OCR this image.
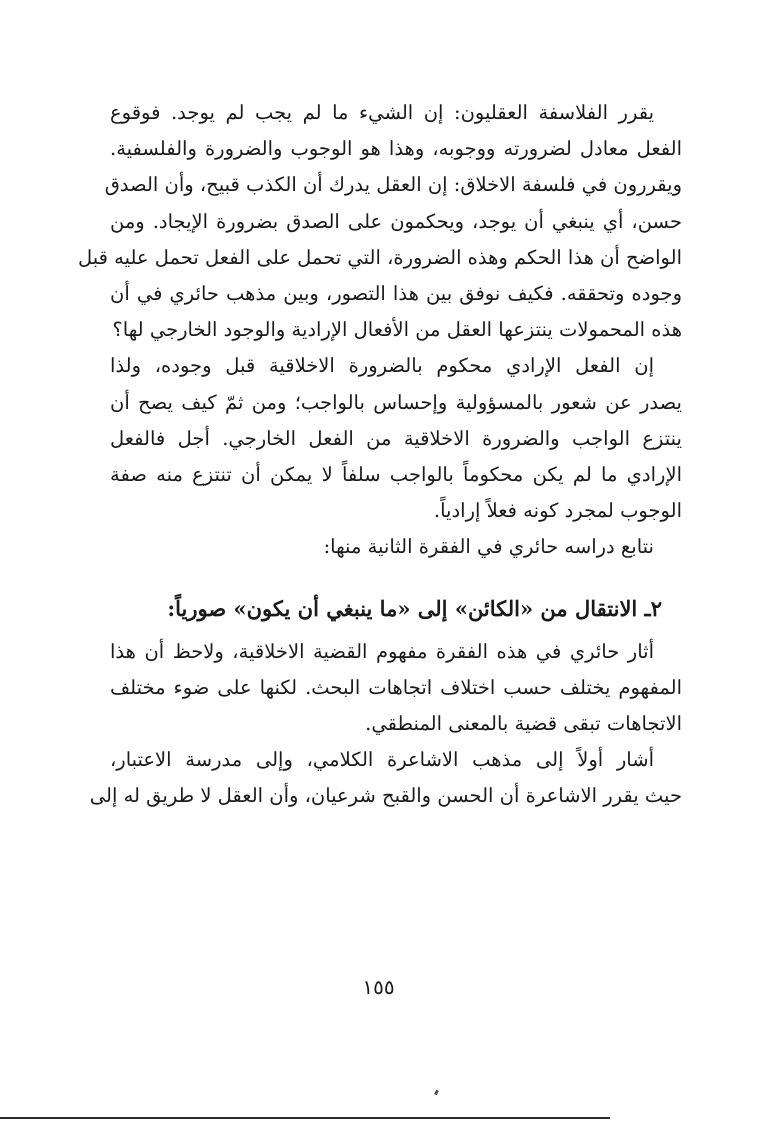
يقرر الفلاسفة العقليون: إن الشيء ما لم يجب لم يوجد. فوقوع
الفعل معادل لضرورته ووجوبه، وهذا هو الوجوب والضرورة والفلسفية.
ويقررون في فلسفة الاخلاق: إن العقل يدرك أن الكذب قبيح، وأن الصدق
حسن، أي ينبغي أن يوجد، ويحكمون على الصدق بضرورة الإيجاد. ومن
الواضح أن هذا الحكم وهذه الضرورة، التي تحمل على الفعل تحمل عليه قبل
وجوده وتحققه. فكيف نوفق بين هذا التصور، وبين مذهب حائري في أن
هذه المحمولات ينتزعها العقل من الأفعال الإرادية والوجود الخارجي لها؟
إن الفعل الإرادي محكوم بالضرورة الاخلاقية قبل وجوده، ولذا
يصدر عن شعور بالمسؤولية وإحساس بالواجب؛ ومن ثمّ كيف يصح أن
ينتزع الواجب والضرورة الاخلاقية من الفعل الخارجي. أجل فالفعل
الإرادي ما لم يكن محكوماً بالواجب سلفاً لا يمكن أن تنتزع منه صفة
الوجوب لمجرد كونه فعلاً إرادياً.
نتابع دراسه حائري في الفقرة الثانية منها:
٢ـ الانتقال من «الكائن» إلى «ما ينبغي أن يكون» صورياً:
أثار حائري في هذه الفقرة مفهوم القضية الاخلاقية، ولاحظ أن هذا
المفهوم يختلف حسب اختلاف اتجاهات البحث. لكنها على ضوء مختلف
الاتجاهات تبقى قضية بالمعنى المنطقي.
أشار أولاً إلى مذهب الاشاعرة الكلامي، وإلى مدرسة الاعتبار،
حيث يقرر الاشاعرة أن الحسن والقبح شرعيان، وأن العقل لا طريق له إلى
١٥٥
